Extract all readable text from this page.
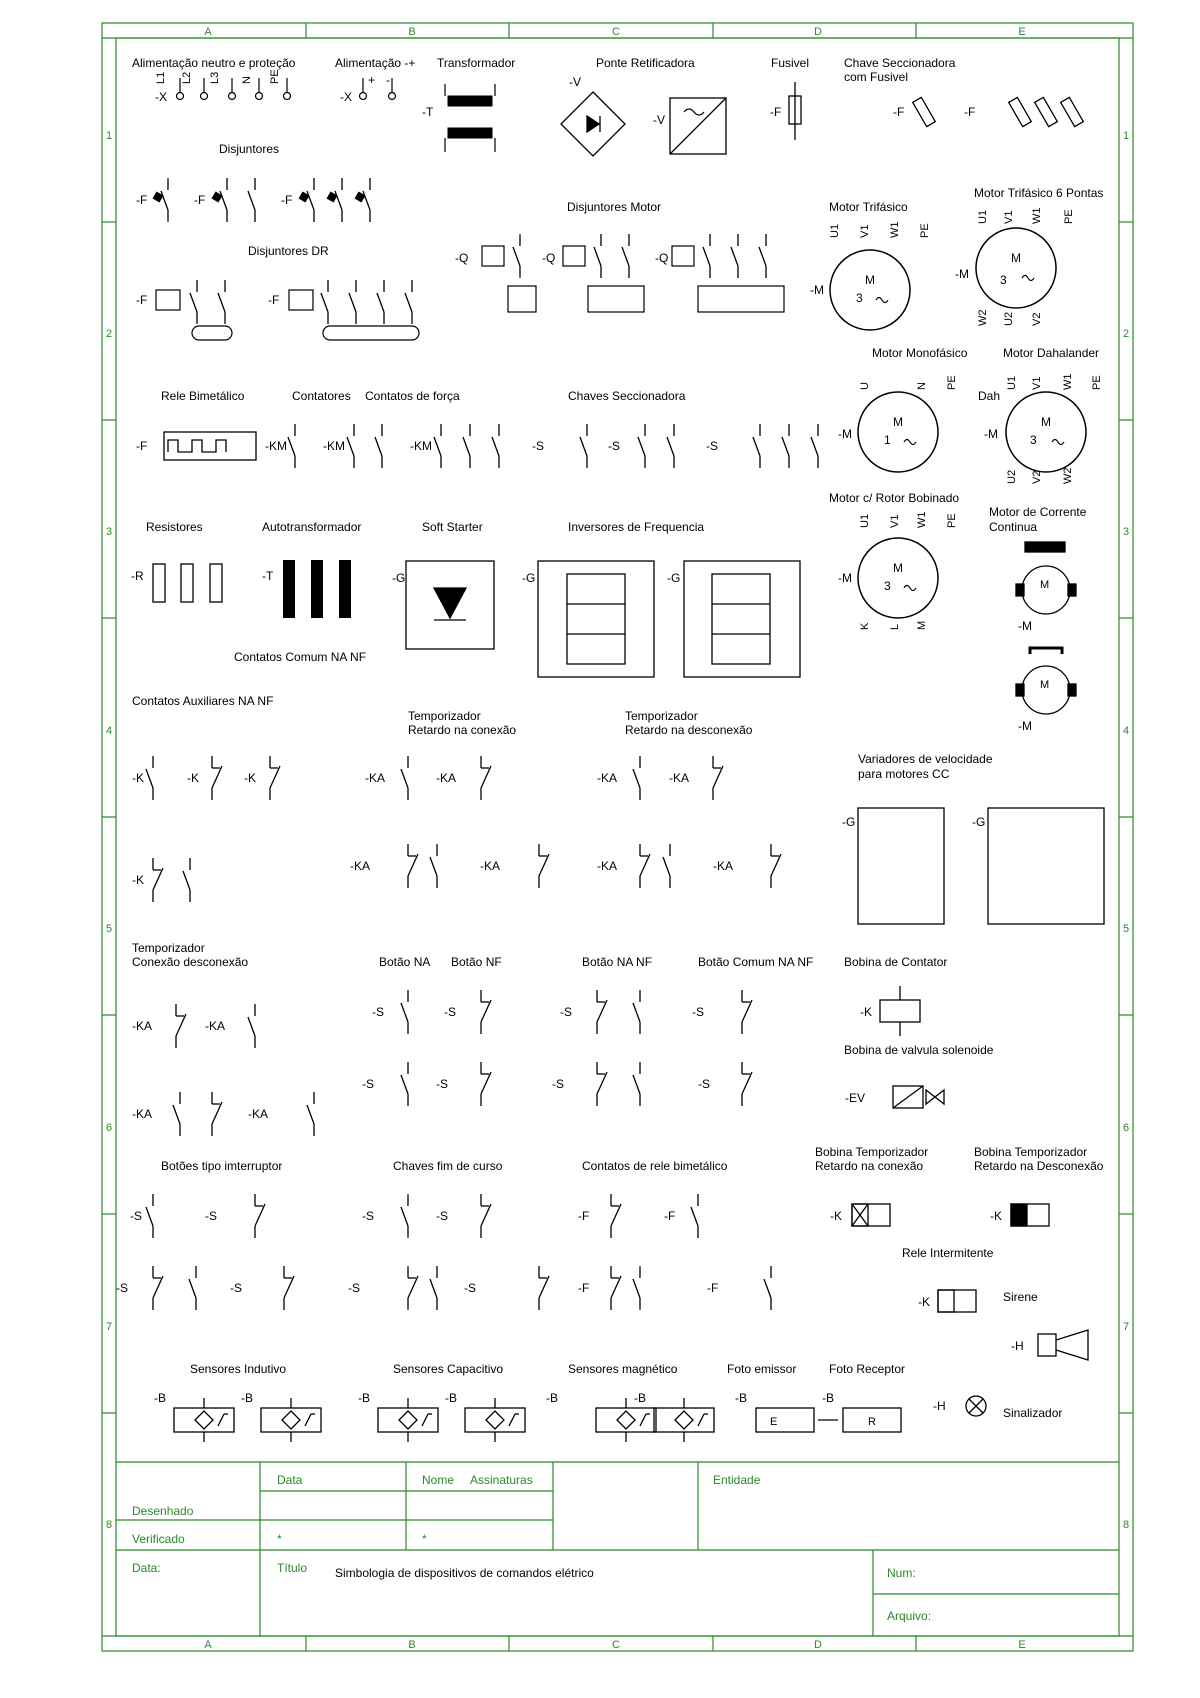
A	B	C	D	E
A	B	C	D	E
1
2
3
4
5
6
7
8
1
2
3
4
5
6
7
8
Alimentação neutro e proteção	Alimentação -+ Transformador	Ponte Retificadora	Fusivel	Chave Seccionadora
com Fusivel
Disjuntores
Disjuntores Motor	Motor Trifásico
Motor Trifásico 6 Pontas
Disjuntores DR
Motor Monofásico	Motor Dahalander
Rele Bimetálico	Contatores Contatos de força	Chaves Seccionadora
Motor c/ Rotor Bobinado
Resistores	Autotransformador	Soft Starter	Inversores de Frequencia
Motor de Corrente
Continua
Contatos Comum NA NF
Contatos Auxiliares NA NF
Temporizador
Retardo na conexão
Temporizador
Retardo na desconexão
Variadores de velocidade
para motores CC
Temporizador
Conexão desconexão	Botão NA Botão NF	Botão NA NF	Botão Comum NA NF	Bobina de Contator
Bobina de valvula solenoide
Botões tipo imterruptor	Chaves fim de curso	Contatos de rele bimetálico
Bobina Temporizador
Retardo na conexão
Bobina Temporizador
Retardo na Desconexão
Rele Intermitente
Sirene
Sensores Indutivo	Sensores Capacitivo	Sensores magnético	Foto emissor	Foto Receptor
Sinalizador
-X	-X
L1 L2 L3 N PE	+ -
-T
-V
-V
-F	-F	-F
-F	-F	-F
-Q	-Q	-Q
3
-M
U1 V1 W1 PE
3
-M
U1 V1 W1 PE
W2 U2 V2
-F	-F
1
-M
U	N PE
3
-M
Dah
U1 V1 W1 PE
U2 V2 W2
-F	-KM	-KM	-KM	-S	-S	-S
3
-M
U1 V1 W1 PE
K L M
-R	-T	-G	-G	-G	M
M
-M
-M
-K	-K	-K
-K
-KA	-KA
-KA	-KA
-KA	-KA
-KA	-KA
-G	-G
-KA	-KA
-KA	-KA
-S	-S	-S	-S
-S	-S	-S	-S
-K
-EV
-S	-S
-S	-S
-S	-S
-S	-S
-F	-F
-F	-F
-K	-K
-K
-H
-H
-B	-B	-B	-B	-B	-B	-B	-B
E	R
Data	Nome Assinaturas	Entidade
Desenhado
Verificado	*	*
Data:	Título Simbologia de dispositivos de comandos elétrico	Num:
Arquivo:
